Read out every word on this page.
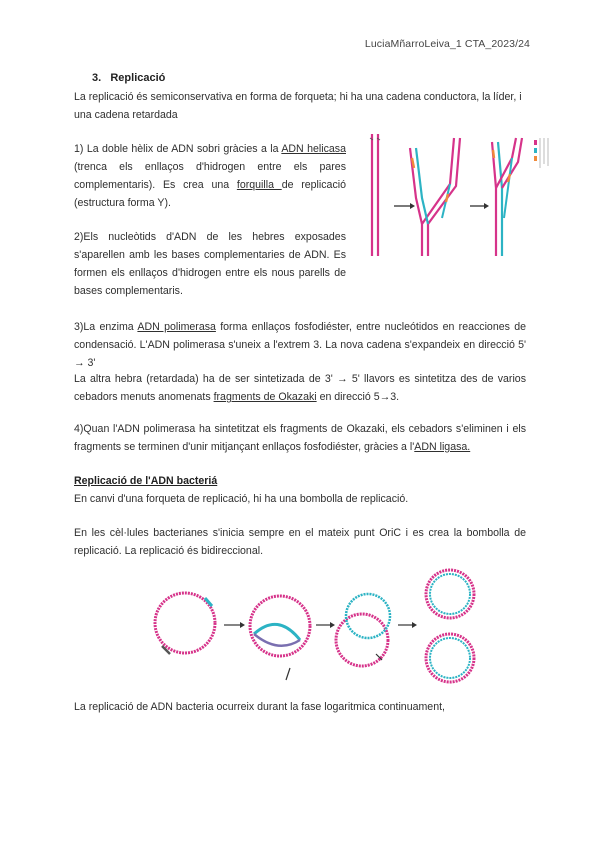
LuciaMñarroLeiva_1 CTA_2023/24
3. Replicació
La replicació és semiconservativa en forma de forqueta; hi ha una cadena conductora, la líder, i una cadena retardada
1) La doble hèlix de ADN sobri gràcies a la ADN helicasa (trenca els enllaços d'hidrogen entre els pares complementaris). Es crea una forquilla de replicació (estructura forma Y).
2)Els nucleòtids d'ADN de les hebres exposades s'aparellen amb les bases complementaries de ADN. Es formen els enllaços d'hidrogen entre els nous parells de bases complementaris.
3)La enzima ADN polimerasa forma enllaços fosfodiéster, entre nucleótidos en reacciones de condensació. L'ADN polimerasa s'uneix a l'extrem 3. La nova cadena s'expandeix en direcció 5' → 3'
La altra hebra (retardada) ha de ser sintetizada de 3' → 5' llavors es sintetitza des de varios cebadors menuts anomenats fragments de Okazaki en direcció 5→3.
4)Quan l'ADN polimerasa ha sintetitzat els fragments de Okazaki, els cebadors s'eliminen i els fragments se terminen d'unir mitjançant enllaços fosfodiéster, gràcies a l'ADN ligasa.
Replicació de l'ADN bacteriá
En canvi d'una forqueta de replicació, hi ha una bombolla de replicació.
En les cèl·lules bacterianes s'inicia sempre en el mateix punt OriC i es crea la bombolla de replicació. La replicació és bidireccional.
La replicació de ADN bacteria ocurreix durant la fase logaritmica continuament,
